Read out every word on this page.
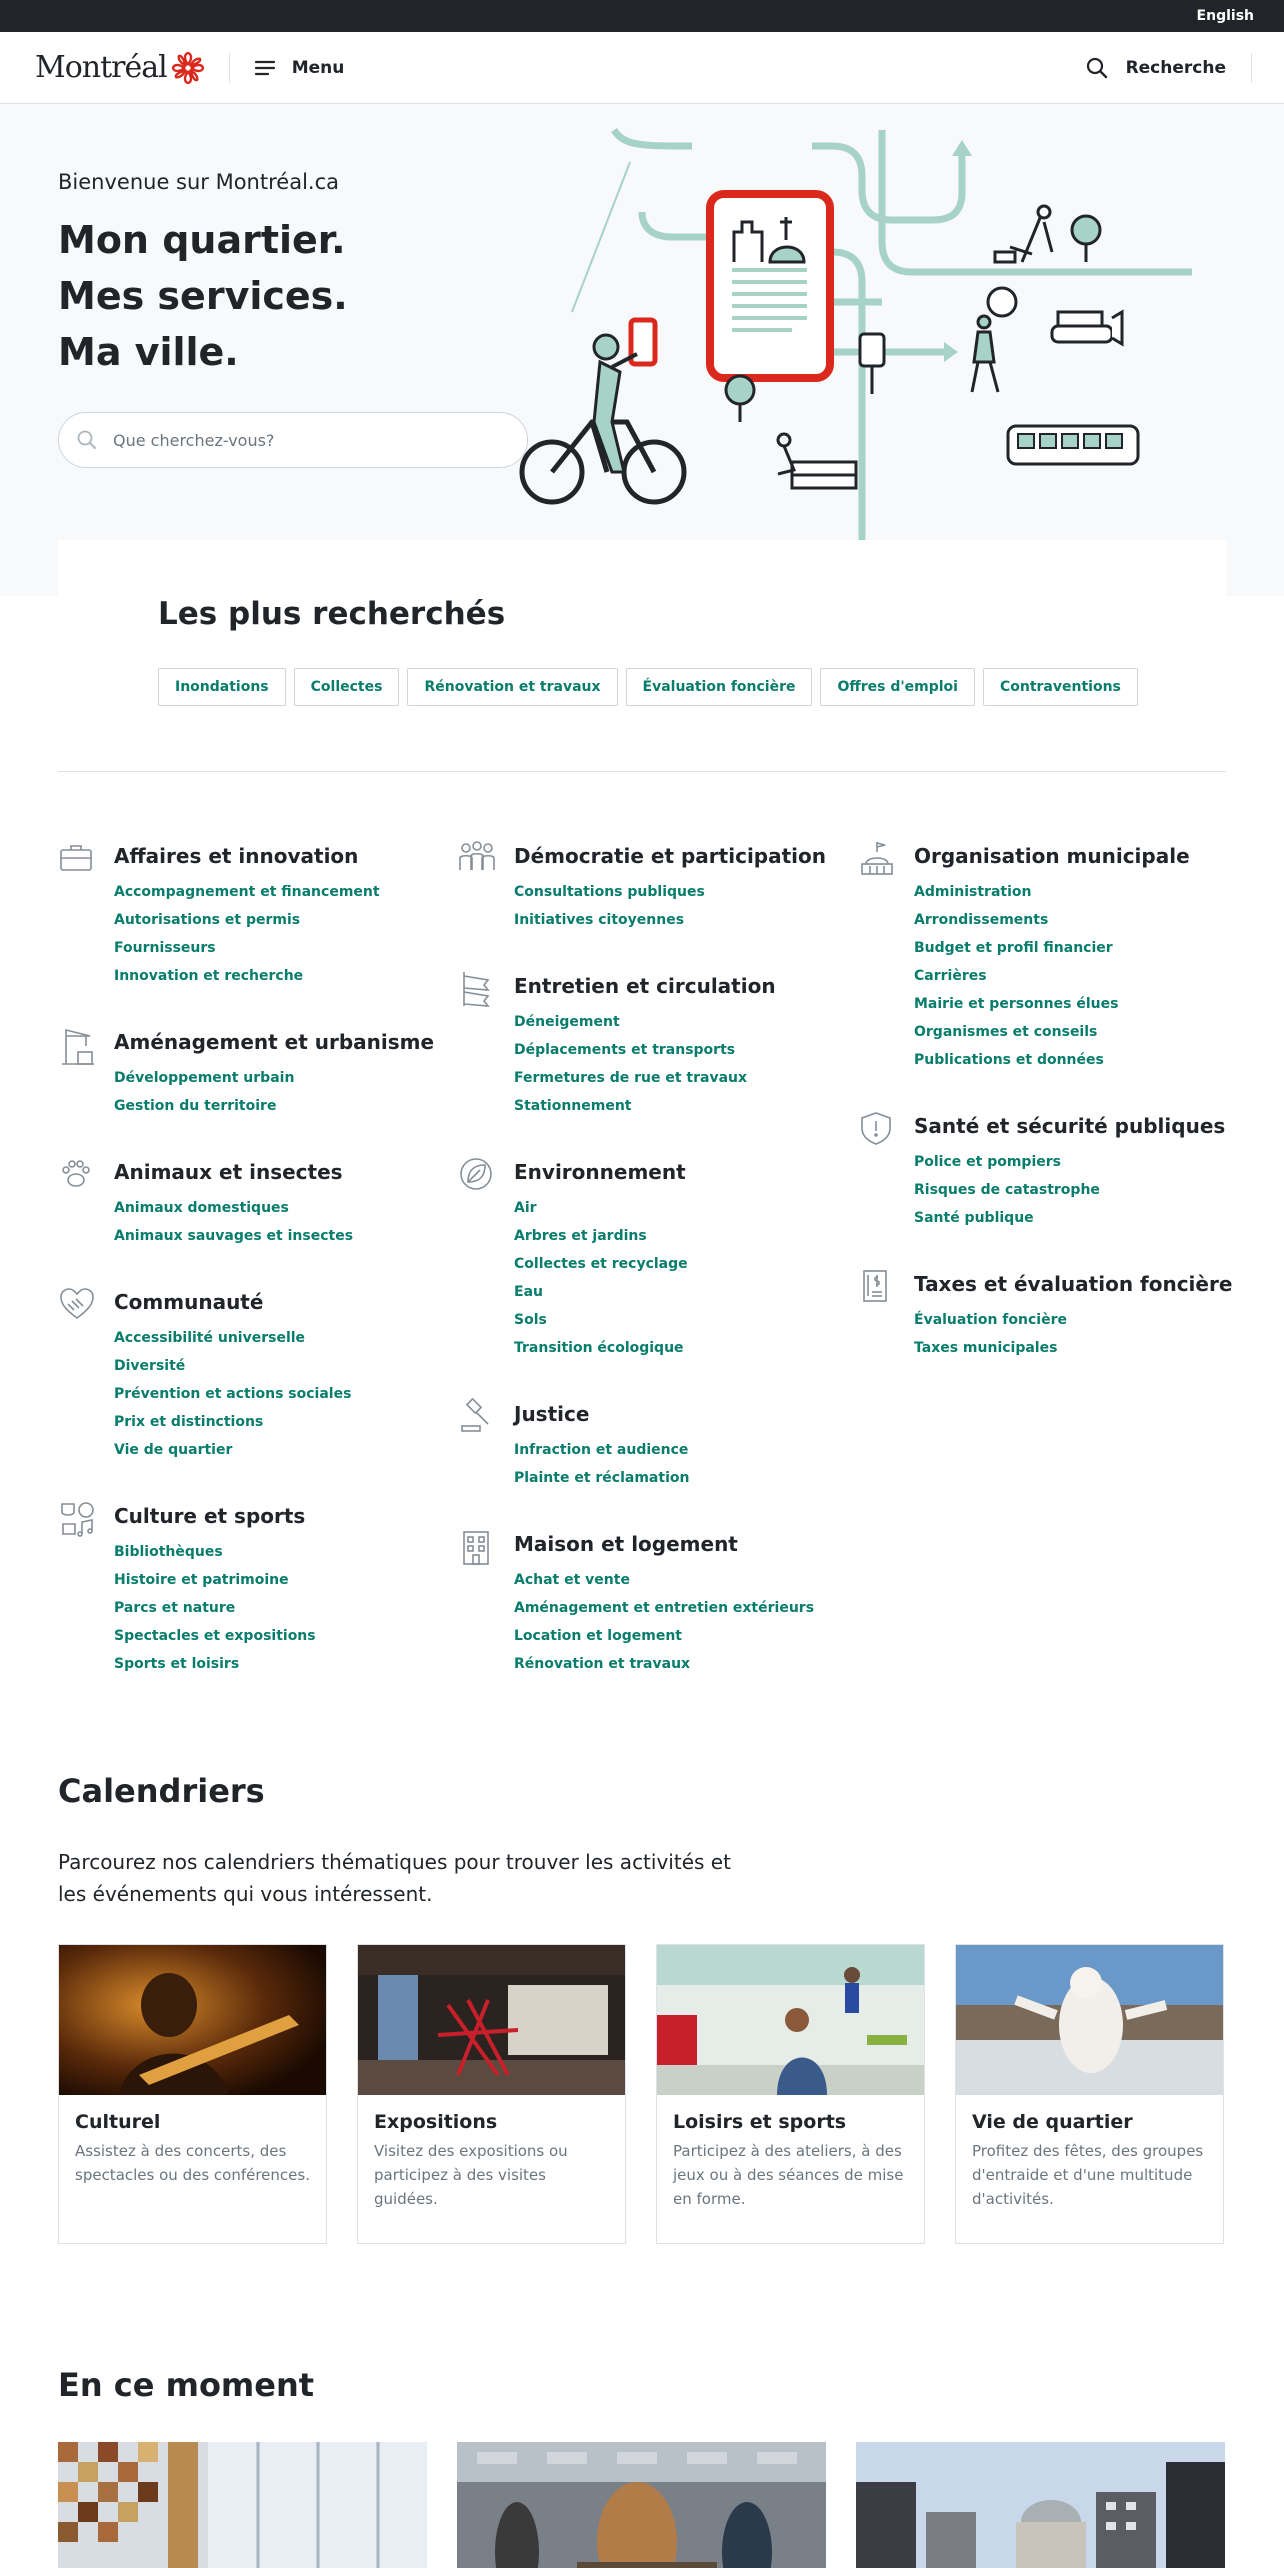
English
Montréal	Menu	Recherche
Bienvenue sur Montréal.ca
Mon quartier.
Mes services.
Ma ville.
Que cherchez-vous?
Les plus recherchés
Inondations	Collectes	Rénovation et travaux	Évaluation foncière	Offres d'emploi	Contraventions
Affaires et innovation
Accompagnement et financement
Autorisations et permis
Fournisseurs
Innovation et recherche
Aménagement et urbanisme
Développement urbain
Gestion du territoire
Animaux et insectes
Animaux domestiques
Animaux sauvages et insectes
Communauté
Accessibilité universelle
Diversité
Prévention et actions sociales
Prix et distinctions
Vie de quartier
Culture et sports
Bibliothèques
Histoire et patrimoine
Parcs et nature
Spectacles et expositions
Sports et loisirs
Démocratie et participation
Consultations publiques
Initiatives citoyennes
Entretien et circulation
Déneigement
Déplacements et transports
Fermetures de rue et travaux
Stationnement
Environnement
Air
Arbres et jardins
Collectes et recyclage
Eau
Sols
Transition écologique
Justice
Infraction et audience
Plainte et réclamation
Maison et logement
Achat et vente
Aménagement et entretien extérieurs
Location et logement
Rénovation et travaux
Organisation municipale
Administration
Arrondissements
Budget et profil financier
Carrières
Mairie et personnes élues
Organismes et conseils
Publications et données
Santé et sécurité publiques
Police et pompiers
Risques de catastrophe
Santé publique
Taxes et évaluation foncière
Évaluation foncière
Taxes municipales
Calendriers

Parcourez nos calendriers thématiques pour trouver les activités et les événements qui vous intéressent.

Culturel
Assistez à des concerts, des spectacles ou des conférences.
Expositions
Visitez des expositions ou participez à des visites guidées.
Loisirs et sports
Participez à des ateliers, à des jeux ou à des séances de mise en forme.
Vie de quartier
Profitez des fêtes, des groupes d'entraide et d'une multitude d'activités.
En ce moment
